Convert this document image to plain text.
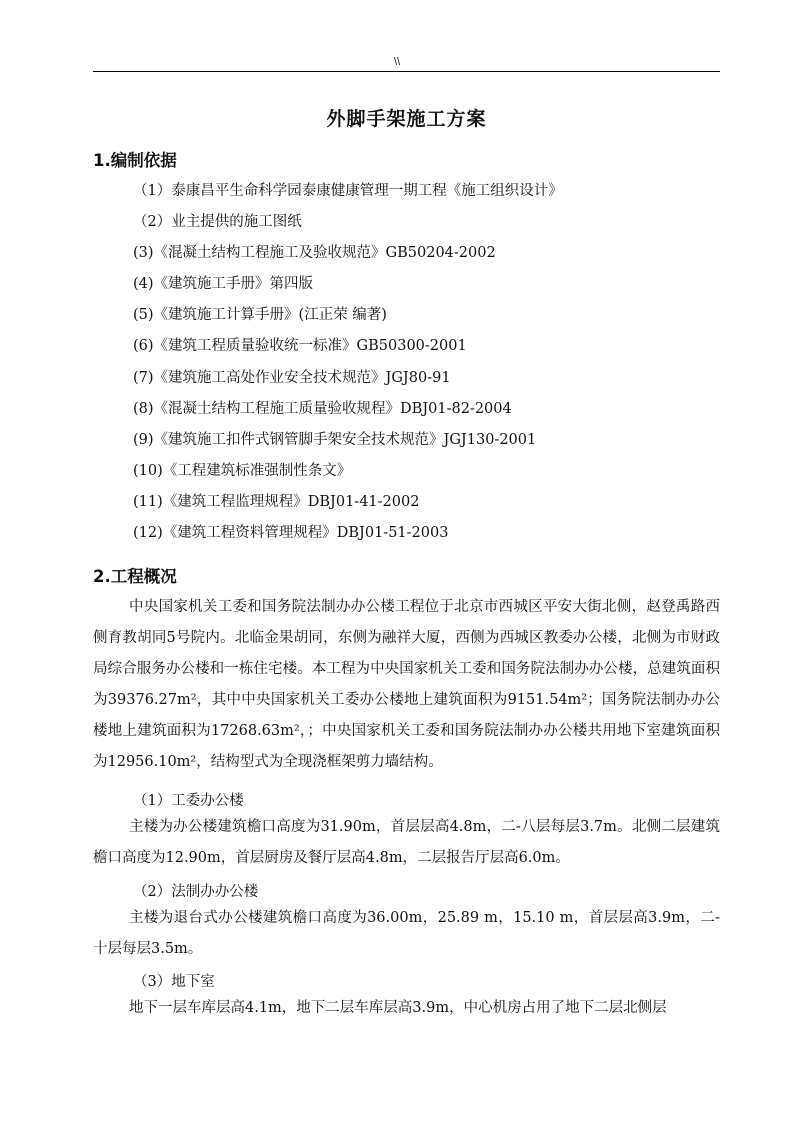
\\
外脚手架施工方案
1.编制依据
（1）泰康昌平生命科学园泰康健康管理一期工程《施工组织设计》
（2）业主提供的施工图纸
(3)《混凝土结构工程施工及验收规范》GB50204-2002
(4)《建筑施工手册》第四版
(5)《建筑施工计算手册》(江正荣 编著)
(6)《建筑工程质量验收统一标准》GB50300-2001
(7)《建筑施工高处作业安全技术规范》JGJ80-91
(8)《混凝土结构工程施工质量验收规程》DBJ01-82-2004
(9)《建筑施工扣件式钢管脚手架安全技术规范》JGJ130-2001
(10)《工程建筑标准强制性条文》
(11)《建筑工程监理规程》DBJ01-41-2002
(12)《建筑工程资料管理规程》DBJ01-51-2003
2.工程概况
中央国家机关工委和国务院法制办办公楼工程位于北京市西城区平安大街北侧，赵登禹路西侧育教胡同5号院内。北临金果胡同，东侧为融祥大厦，西侧为西城区教委办公楼，北侧为市财政局综合服务办公楼和一栋住宅楼。本工程为中央国家机关工委和国务院法制办办公楼，总建筑面积为39376.27m²，其中中央国家机关工委办公楼地上建筑面积为9151.54m²；国务院法制办办公楼地上建筑面积为17268.63m²，；中央国家机关工委和国务院法制办办公楼共用地下室建筑面积为12956.10m²，结构型式为全现浇框架剪力墙结构。
（1）工委办公楼
主楼为办公楼建筑檐口高度为31.90m，首层层高4.8m，二-八层每层3.7m。北侧二层建筑檐口高度为12.90m，首层厨房及餐厅层高4.8m，二层报告厅层高6.0m。
（2）法制办办公楼
主楼为退台式办公楼建筑檐口高度为36.00m，25.89 m，15.10 m，首层层高3.9m，二-十层每层3.5m。
（3）地下室
地下一层车库层高4.1m，地下二层车库层高3.9m，中心机房占用了地下二层北侧层
